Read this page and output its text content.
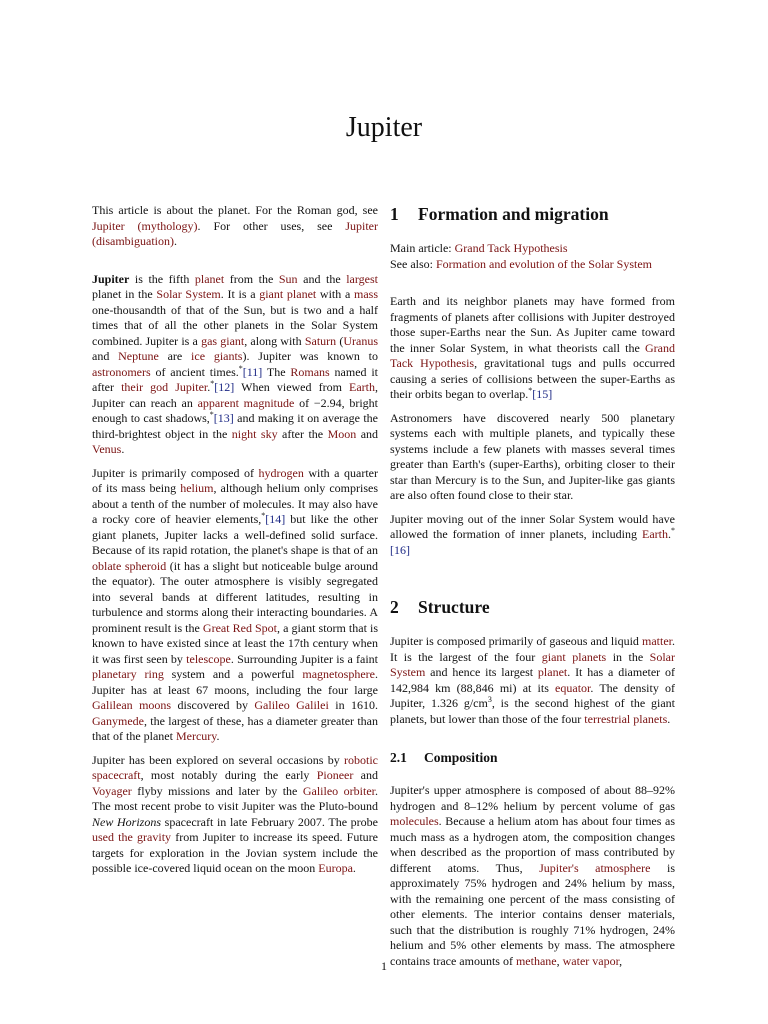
Jupiter

This article is about the planet. For the Roman god, see Jupiter (mythology). For other uses, see Jupiter (disambiguation).

Jupiter is the fifth planet from the Sun and the largest planet in the Solar System. It is a giant planet with a mass one-thousandth of that of the Sun, but is two and a half times that of all the other planets in the Solar System combined. Jupiter is a gas giant, along with Saturn (Uranus and Neptune are ice giants). Jupiter was known to astronomers of ancient times.*[11] The Romans named it after their god Jupiter.*[12] When viewed from Earth, Jupiter can reach an apparent magnitude of −2.94, bright enough to cast shadows,*[13] and making it on average the third-brightest object in the night sky after the Moon and Venus.

Jupiter is primarily composed of hydrogen with a quarter of its mass being helium, although helium only comprises about a tenth of the number of molecules. It may also have a rocky core of heavier elements,*[14] but like the other giant planets, Jupiter lacks a well-defined solid surface. Because of its rapid rotation, the planet's shape is that of an oblate spheroid (it has a slight but noticeable bulge around the equator). The outer atmosphere is visibly segregated into several bands at different latitudes, resulting in turbulence and storms along their interacting boundaries. A prominent result is the Great Red Spot, a giant storm that is known to have existed since at least the 17th century when it was first seen by telescope. Surrounding Jupiter is a faint planetary ring system and a powerful magnetosphere. Jupiter has at least 67 moons, including the four large Galilean moons discovered by Galileo Galilei in 1610. Ganymede, the largest of these, has a diameter greater than that of the planet Mercury.

Jupiter has been explored on several occasions by robotic spacecraft, most notably during the early Pioneer and Voyager flyby missions and later by the Galileo orbiter. The most recent probe to visit Jupiter was the Pluto-bound New Horizons spacecraft in late February 2007. The probe used the gravity from Jupiter to increase its speed. Future targets for exploration in the Jovian system include the possible ice-covered liquid ocean on the moon Europa.

1 Formation and migration
Main article: Grand Tack Hypothesis
See also: Formation and evolution of the Solar System

Earth and its neighbor planets may have formed from fragments of planets after collisions with Jupiter destroyed those super-Earths near the Sun. As Jupiter came toward the inner Solar System, in what theorists call the Grand Tack Hypothesis, gravitational tugs and pulls occurred causing a series of collisions between the super-Earths as their orbits began to overlap.*[15]

Astronomers have discovered nearly 500 planetary systems each with multiple planets, and typically these systems include a few planets with masses several times greater than Earth's (super-Earths), orbiting closer to their star than Mercury is to the Sun, and Jupiter-like gas giants are also often found close to their star.

Jupiter moving out of the inner Solar System would have allowed the formation of inner planets, including Earth.*[16]

2 Structure

Jupiter is composed primarily of gaseous and liquid matter. It is the largest of the four giant planets in the Solar System and hence its largest planet. It has a diameter of 142,984 km (88,846 mi) at its equator. The density of Jupiter, 1.326 $g/cm^3$, is the second highest of the giant planets, but lower than those of the four terrestrial planets.

2.1 Composition

Jupiter's upper atmosphere is composed of about 88–92% hydrogen and 8–12% helium by percent volume of gas molecules. Because a helium atom has about four times as much mass as a hydrogen atom, the composition changes when described as the proportion of mass contributed by different atoms. Thus, Jupiter's atmosphere is approximately 75% hydrogen and 24% helium by mass, with the remaining one percent of the mass consisting of other elements. The interior contains denser materials, such that the distribution is roughly 71% hydrogen, 24% helium and 5% other elements by mass. The atmosphere contains trace amounts of methane, water vapor,

1
